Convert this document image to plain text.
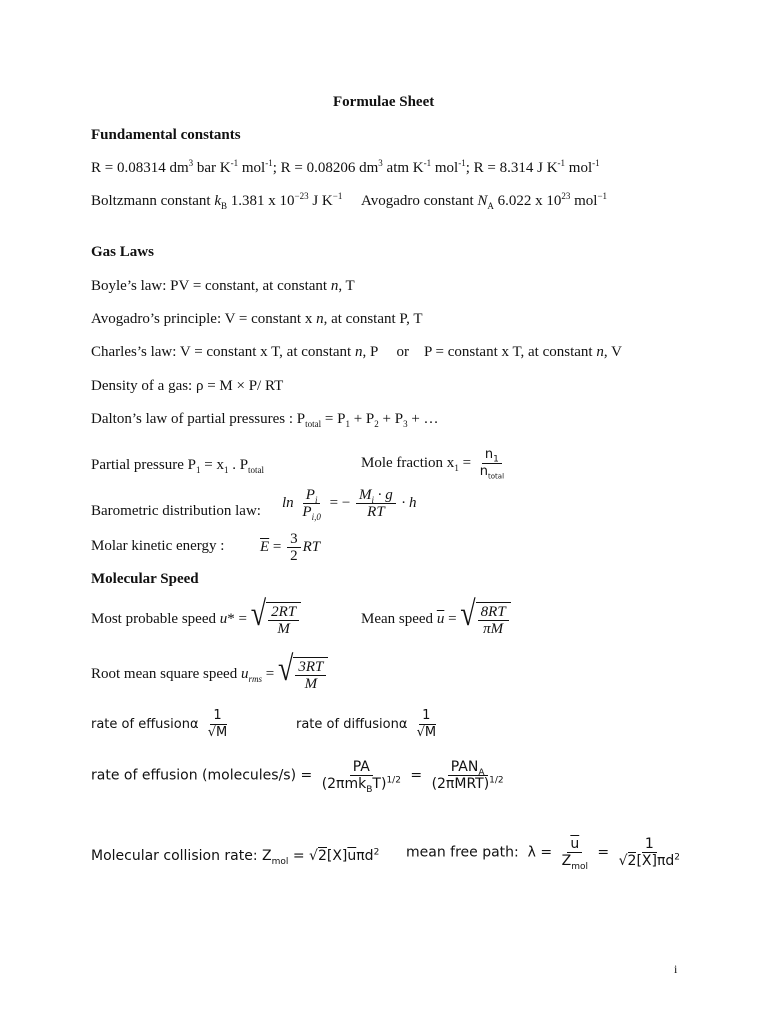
Formulae Sheet
Fundamental constants
R = 0.08314 $dm^3$ bar $K^{-1}$ mol$^{-1}$; R = 0.08206 $dm^3$ atm $K^{-1}$ mol$^{-1}$; R = 8.314 J $K^{-1}$ mol$^{-1}$
Boltzmann constant $k_B$ 1.381 x $10^{-23}$ J $K^{-1}$ Avogadro constant $N_A$ 6.022 x $10^{23}$ mol$^{-1}$
Gas Laws
Boyle’s law: PV = constant, at constant n, T
Avogadro’s principle: V = constant x n, at constant P, T
Charles’s law: V = constant x T, at constant n, P     or    P = constant x T, at constant n, V
Density of a gas: ρ = M × P/ RT
Dalton’s law of partial pressures : $P_{total} = P_1 + P_2 + P_3$ + …
Partial pressure $P_1 = x_1$ . $P_{total}$	Mole fraction $x_1 = \frac{n_1}{n_{total}}$
Barometric distribution law:
$\ln \frac{P_i}{P_{i,0}}$ = − $\frac{M_i \cdot g}{RT} \cdot h$
Molar kinetic energy : $\overline{E} = \frac{3}{2}$ RT
Molecular Speed
Most probable speed u* = √ $\frac{2RT}{M}$	Mean speed $\overline{u}$ = √ $\frac{8RT}{\pi M}$
Root mean square speed $u_{rms}$ = √ $\frac{3RT}{M}$
rate of effusionα $\frac{1}{√M}$	rate of diffusionα $\frac{1}{√M}$
rate of effusion (molecules/s) = $\frac{PA}{(2\pi mk_BT)^{1/2}} = \frac{PAN_A}{(2\pi MRT)^{1/2}}$
Molecular collision rate: $Z_{mol} = √2[X]\overline{u}\pi d^2$ mean free path: $\lambda = \frac{\overline{u}}{Z_{mol}} = \frac{1}{√2[X]\pi d^2}$
i
